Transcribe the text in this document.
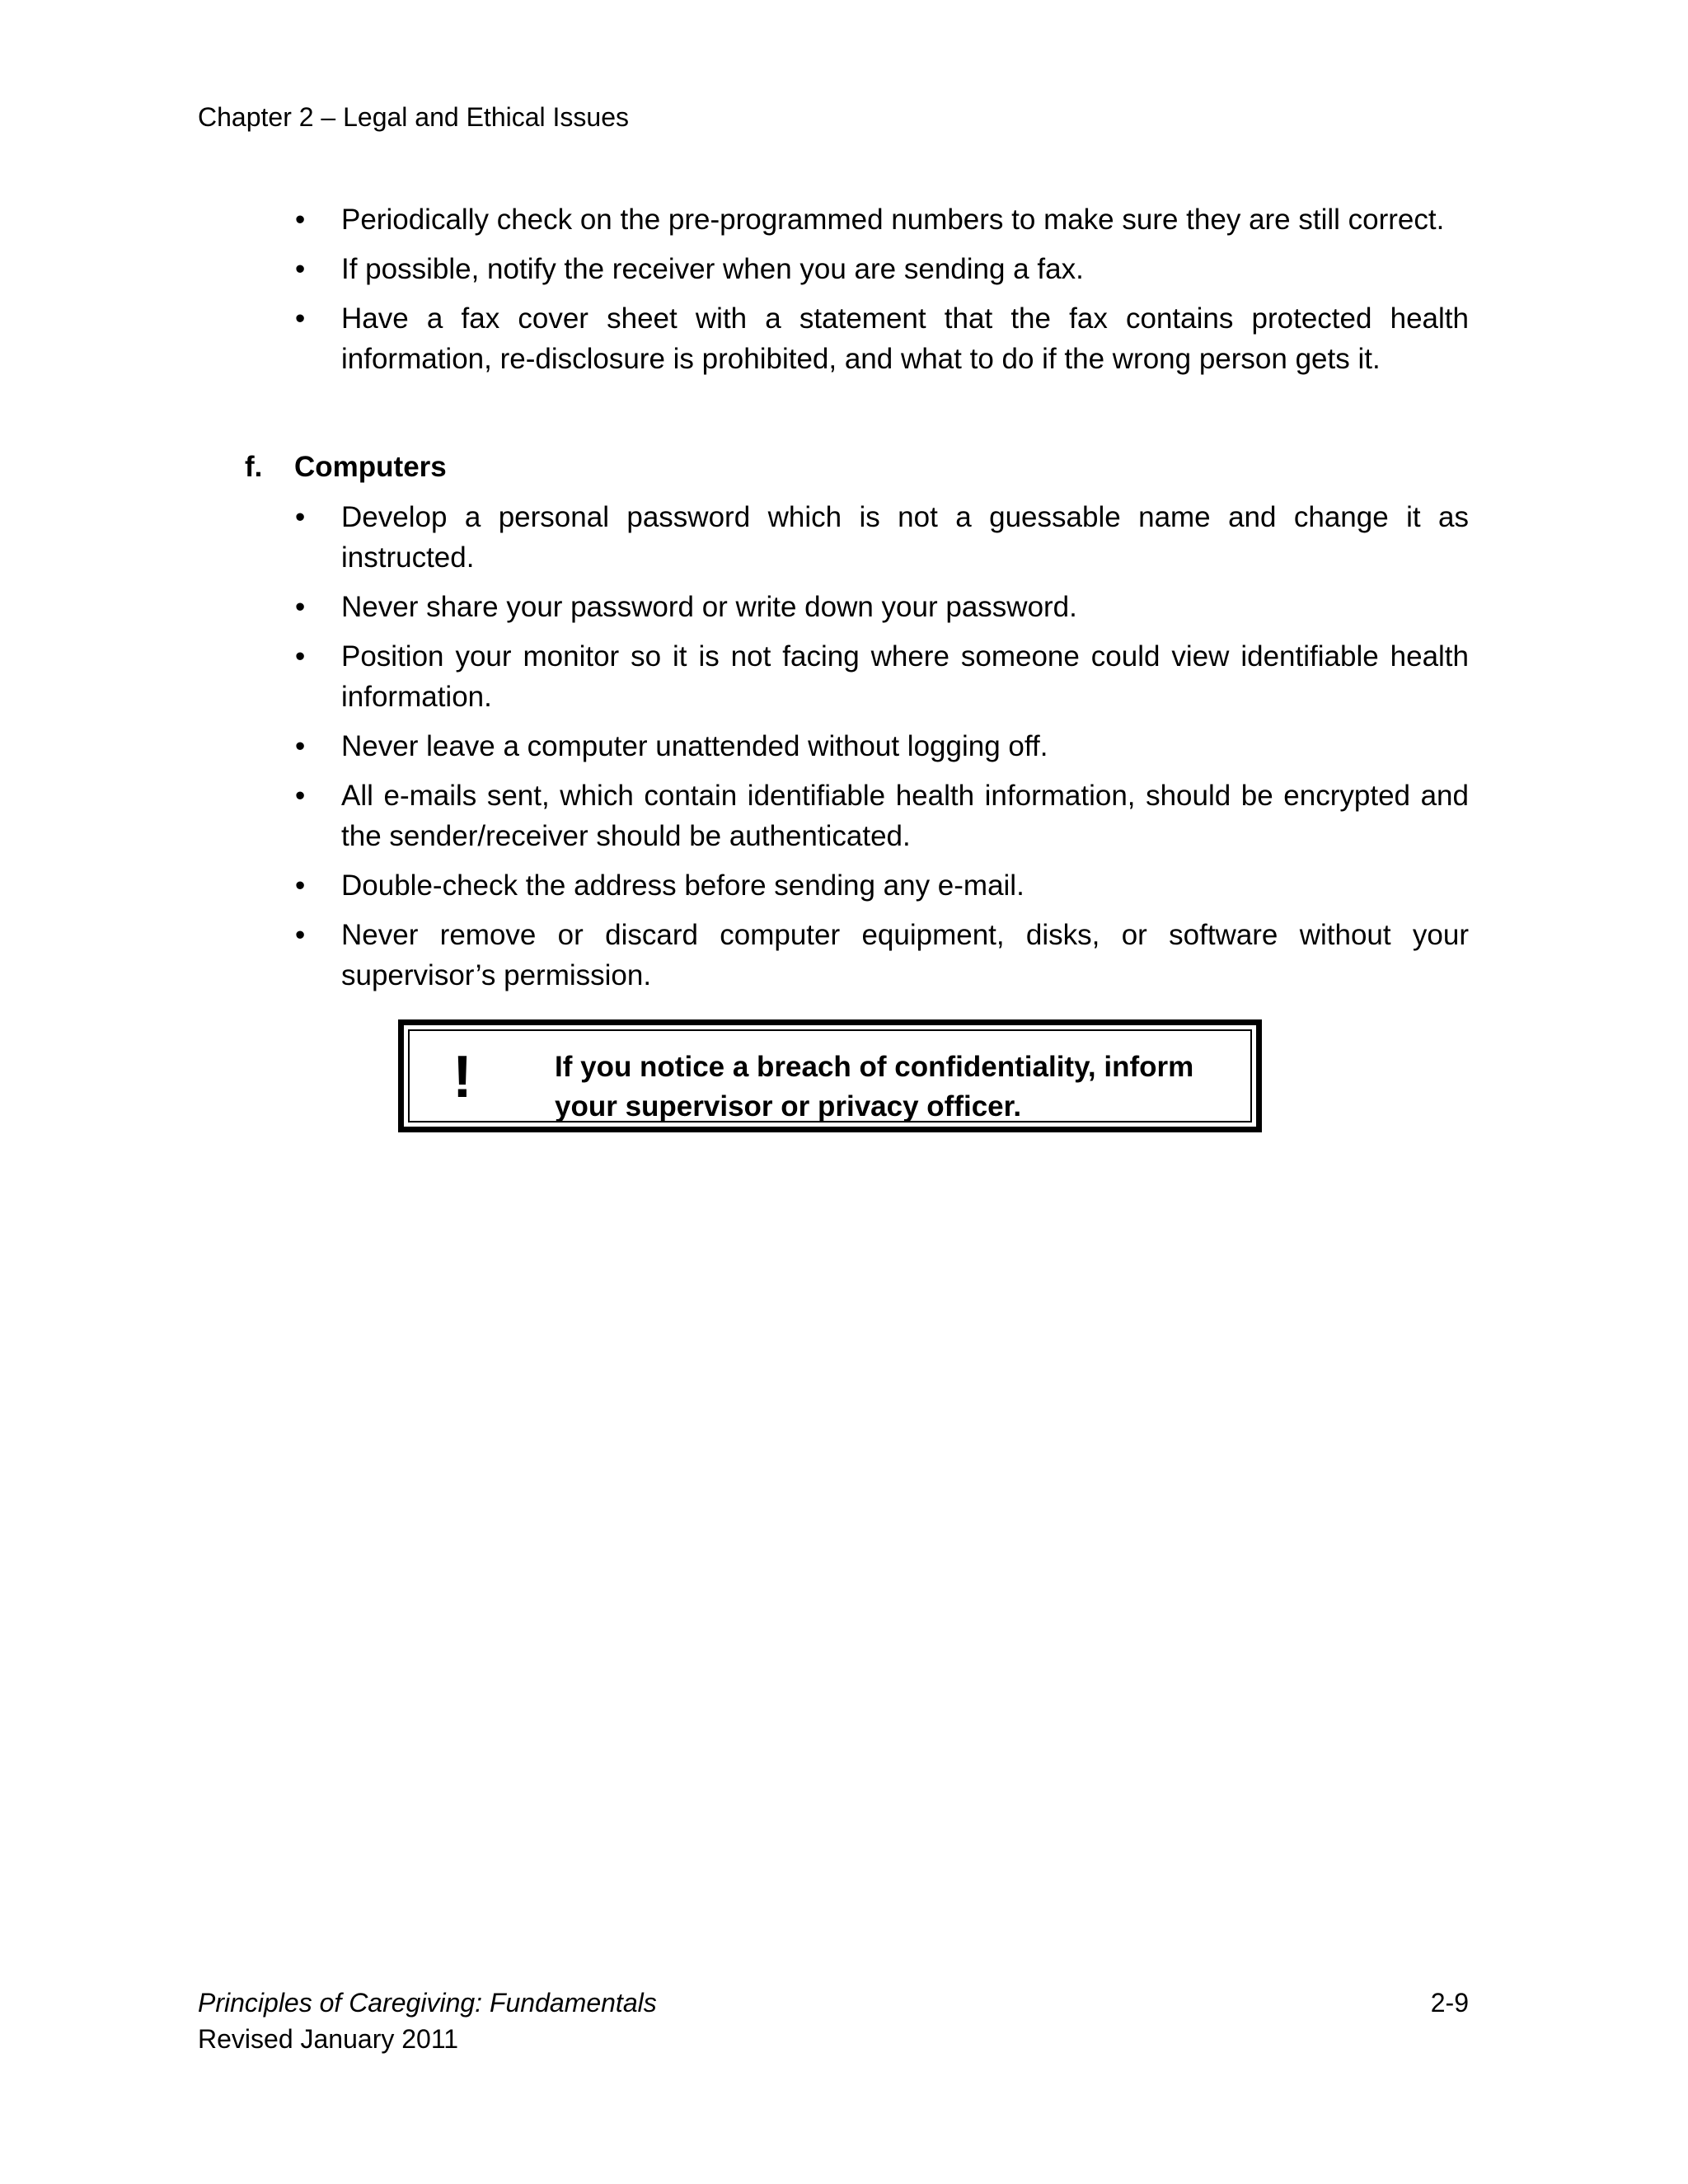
Chapter 2 – Legal and Ethical Issues
• Periodically check on the pre-programmed numbers to make sure they are still correct.
• If possible, notify the receiver when you are sending a fax.
• Have a fax cover sheet with a statement that the fax contains protected health information, re-disclosure is prohibited, and what to do if the wrong person gets it.
f. Computers
• Develop a personal password which is not a guessable name and change it as instructed.
• Never share your password or write down your password.
• Position your monitor so it is not facing where someone could view identifiable health information.
• Never leave a computer unattended without logging off.
• All e-mails sent, which contain identifiable health information, should be encrypted and the sender/receiver should be authenticated.
• Double-check the address before sending any e-mail.
• Never remove or discard computer equipment, disks, or software without your supervisor’s permission.
!	If you notice a breach of confidentiality, inform your supervisor or privacy officer.
Principles of Caregiving: Fundamentals
Revised January 2011
2-9
